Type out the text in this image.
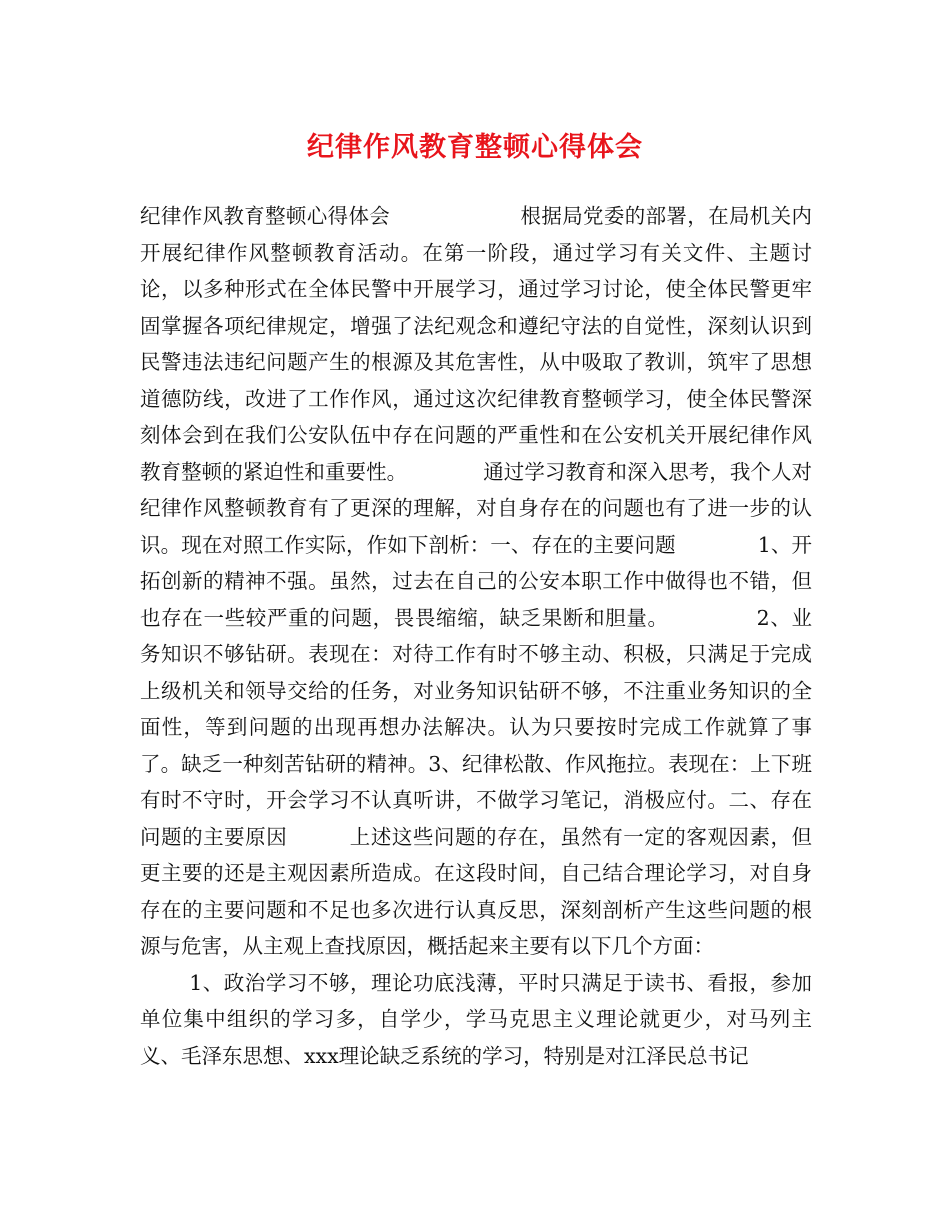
纪律作风教育整顿心得体会

纪律作风教育整顿心得体会	根据局党委的部署，在局机关内开展纪律作风整顿教育活动。在第一阶段，通过学习有关文件、主题讨论，以多种形式在全体民警中开展学习，通过学习讨论，使全体民警更牢固掌握各项纪律规定，增强了法纪观念和遵纪守法的自觉性，深刻认识到民警违法违纪问题产生的根源及其危害性，从中吸取了教训，筑牢了思想道德防线，改进了工作作风，通过这次纪律教育整顿学习，使全体民警深刻体会到在我们公安队伍中存在问题的严重性和在公安机关开展纪律作风教育整顿的紧迫性和重要性。	通过学习教育和深入思考，我个人对纪律作风整顿教育有了更深的理解，对自身存在的问题也有了进一步的认识。现在对照工作实际，作如下剖析：一、存在的主要问题	1、开拓创新的精神不强。虽然，过去在自己的公安本职工作中做得也不错，但也存在一些较严重的问题，畏畏缩缩，缺乏果断和胆量。	2、业务知识不够钻研。表现在：对待工作有时不够主动、积极，只满足于完成上级机关和领导交给的任务，对业务知识钻研不够，不注重业务知识的全面性，等到问题的出现再想办法解决。认为只要按时完成工作就算了事了。缺乏一种刻苦钻研的精神。3、纪律松散、作风拖拉。表现在：上下班有时不守时，开会学习不认真听讲，不做学习笔记，消极应付。二、存在问题的主要原因	上述这些问题的存在，虽然有一定的客观因素，但更主要的还是主观因素所造成。在这段时间，自己结合理论学习，对自身存在的主要问题和不足也多次进行认真反思，深刻剖析产生这些问题的根源与危害，从主观上查找原因，概括起来主要有以下几个方面：

1、政治学习不够，理论功底浅薄，平时只满足于读书、看报，参加单位集中组织的学习多，自学少，学马克思主义理论就更少，对马列主义、毛泽东思想、xxx理论缺乏系统的学习，特别是对江泽民总书记
